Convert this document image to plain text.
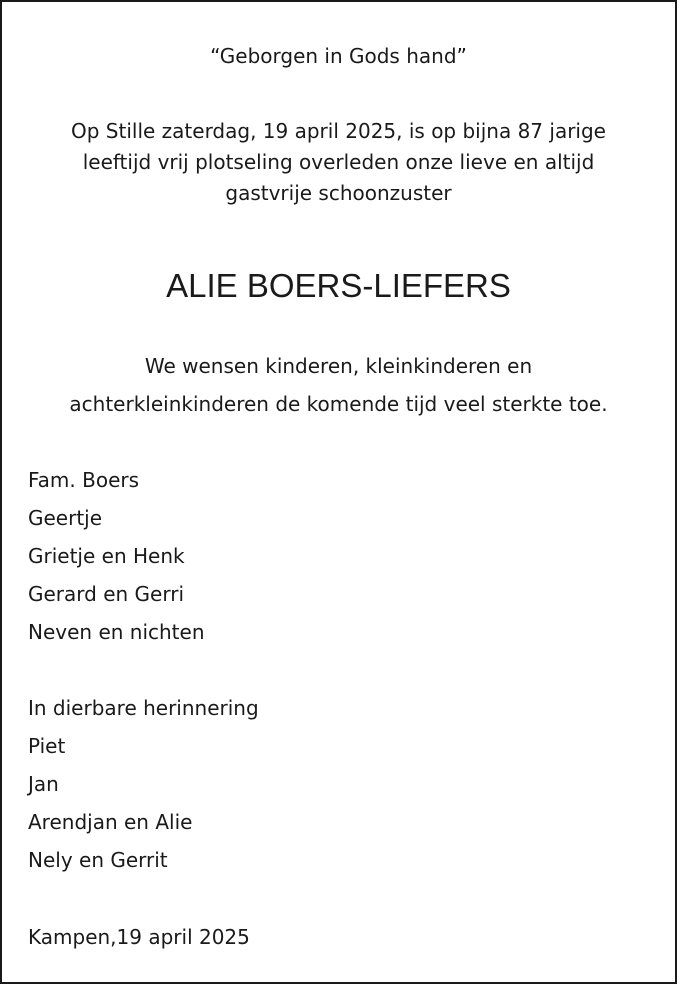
“Geborgen in Gods hand”
Op Stille zaterdag, 19 april 2025, is op bijna 87 jarige
leeftijd vrij plotseling overleden onze lieve en altijd
gastvrije schoonzuster
ALIE BOERS-LIEFERS
We wensen kinderen, kleinkinderen en
achterkleinkinderen de komende tijd veel sterkte toe.
Fam. Boers
Geertje
Grietje en Henk
Gerard en Gerri
Neven en nichten
In dierbare herinnering
Piet
Jan
Arendjan en Alie
Nely en Gerrit
Kampen,19 april 2025
